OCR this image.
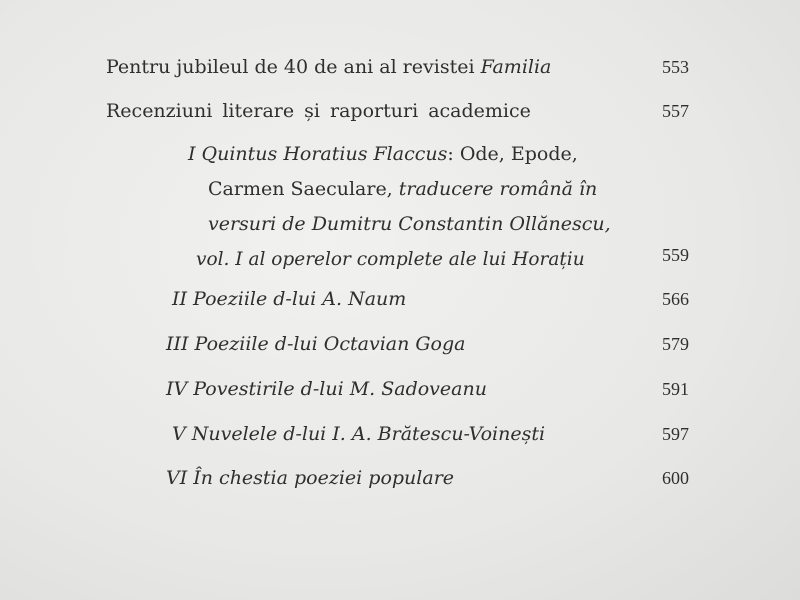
Pentru jubileul de 40 de ani al revistei Familia	553
Recenziuni literare și raporturi academice	557
I Quintus Horatius Flaccus: Ode, Epode,
Carmen Saeculare, traducere română în
versuri de Dumitru Constantin Ollănescu,
vol. I al operelor complete ale lui Horațiu	559
II Poeziile d-lui A. Naum	566
III Poeziile d-lui Octavian Goga	579
IV Povestirile d-lui M. Sadoveanu	591
V Nuvelele d-lui I. A. Brătescu-Voinești	597
VI În chestia poeziei populare	600
